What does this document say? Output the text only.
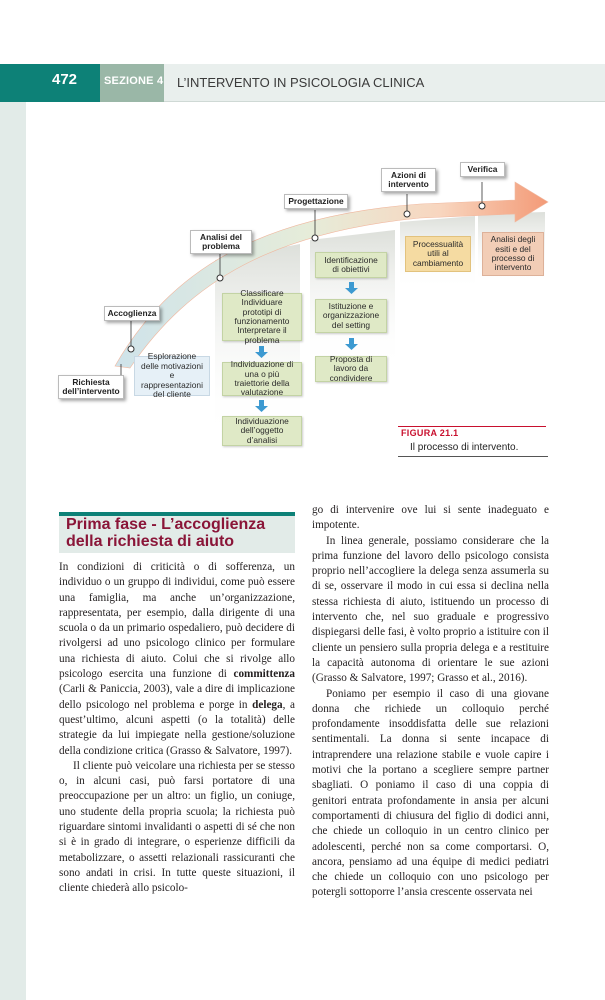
472 SEZIONE 4 L’INTERVENTO IN PSICOLOGIA CLINICA
Richiesta dell’intervento
Accoglienza
Analisi del problema
Progettazione
Azioni di intervento
Verifica
Esplorazione delle motivazioni e rappresentazioni del cliente
Classificare Individuare prototipi di funzionamento Interpretare il problema
Individuazione di una o più traiettorie della valutazione
Individuazione dell’oggetto d’analisi
Identificazione di obiettivi
Istituzione e organizzazione del setting
Proposta di lavoro da condividere
Processualità utili al cambiamento
Analisi degli esiti e del processo di intervento
FIGURA 21.1
Il processo di intervento.
Prima fase - L’accoglienza della richiesta di aiuto

In condizioni di criticità o di sofferenza, un individuo o un gruppo di individui, come può essere una famiglia, ma anche un’organizzazione, rappresentata, per esempio, dalla dirigente di una scuola o da un primario ospedaliero, può decidere di rivolgersi ad uno psicologo clinico per formulare una richiesta di aiuto. Colui che si rivolge allo psicologo esercita una funzione di committenza (Carli & Paniccia, 2003), vale a dire di implicazione dello psicologo nel problema e porge in delega, a quest’ultimo, alcuni aspetti (o la totalità) delle strategie da lui impiegate nella gestione/soluzione della condizione critica (Grasso & Salvatore, 1997).

Il cliente può veicolare una richiesta per se stesso o, in alcuni casi, può farsi portatore di una preoccupazione per un altro: un figlio, un coniuge, uno studente della propria scuola; la richiesta può riguardare sintomi invalidanti o aspetti di sé che non si è in grado di integrare, o esperienze difficili da metabolizzare, o assetti relazionali rassicuranti che sono andati in crisi. In tutte queste situazioni, il cliente chiederà allo psicolo-

go di intervenire ove lui si sente inadeguato e impotente.

In linea generale, possiamo considerare che la prima funzione del lavoro dello psicologo consista proprio nell’accogliere la delega senza assumerla su di se, osservare il modo in cui essa si declina nella stessa richiesta di aiuto, istituendo un processo di intervento che, nel suo graduale e progressivo dispiegarsi delle fasi, è volto proprio a istituire con il cliente un pensiero sulla propria delega e a restituire la capacità autonoma di orientare le sue azioni (Grasso & Salvatore, 1997; Grasso et al., 2016).

Poniamo per esempio il caso di una giovane donna che richiede un colloquio perché profondamente insoddisfatta delle sue relazioni sentimentali. La donna si sente incapace di intraprendere una relazione stabile e vuole capire i motivi che la portano a scegliere sempre partner sbagliati. O poniamo il caso di una coppia di genitori entrata profondamente in ansia per alcuni comportamenti di chiusura del figlio di dodici anni, che chiede un colloquio in un centro clinico per adolescenti, perché non sa come comportarsi. O, ancora, pensiamo ad una équipe di medici pediatri che chiede un colloquio con uno psicologo per potergli sottoporre l’ansia crescente osservata nei
